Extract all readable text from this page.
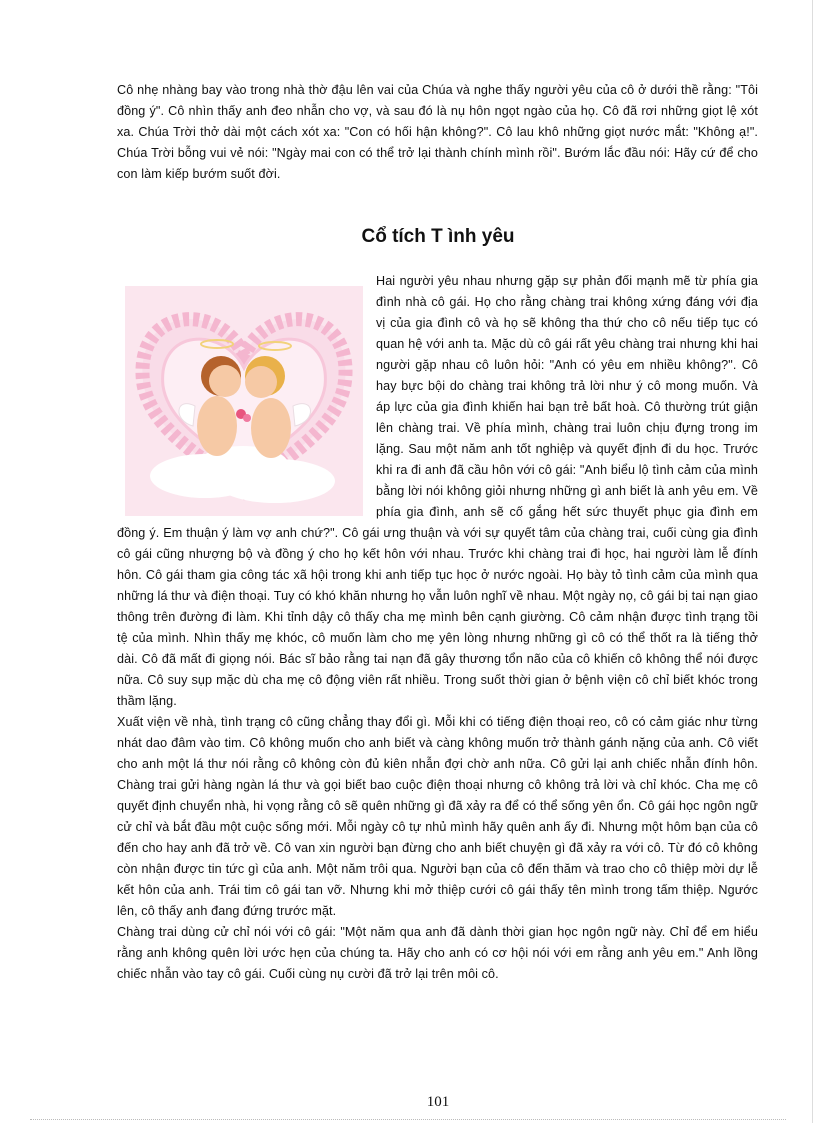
Cô nhẹ nhàng bay vào trong nhà thờ đậu lên vai của Chúa và nghe thấy người yêu của cô ở dưới thề rằng: "Tôi đồng ý". Cô nhìn thấy anh đeo nhẫn cho vợ, và sau đó là nụ hôn ngọt ngào của họ. Cô đã rơi những giọt lệ xót xa. Chúa Trời thở dài một cách xót xa: "Con có hối hận không?". Cô lau khô những giọt nước mắt: "Không ạ!". Chúa Trời bỗng vui vẻ nói: "Ngày mai con có thể trở lại thành chính mình rồi". Bướm lắc đầu nói: Hãy cứ để cho con làm kiếp bướm suốt đời.
Cổ tích T ình yêu

Hai người yêu nhau nhưng gặp sự phản đối mạnh mẽ từ phía gia đình nhà cô gái. Họ cho rằng chàng trai không xứng đáng với địa vị của gia đình cô và họ sẽ không tha thứ cho cô nếu tiếp tục có quan hệ với anh ta. Mặc dù cô gái rất yêu chàng trai nhưng khi hai người gặp nhau cô luôn hỏi: "Anh có yêu em nhiều không?". Cô hay bực bội do chàng trai không trả lời như ý cô mong muốn. Và áp lực của gia đình khiến hai bạn trẻ bất hoà. Cô thường trút giận lên chàng trai. Về phía mình, chàng trai luôn chịu đựng trong im lặng. Sau một năm anh tốt nghiệp và quyết định đi du học. Trước khi ra đi anh đã cầu hôn với cô gái: "Anh biểu lộ tình cảm của mình bằng lời nói không giỏi nhưng những gì anh biết là anh yêu em. Về phía gia đình, anh sẽ cố gắng hết sức thuyết phục gia đình em đồng ý. Em thuận ý làm vợ anh chứ?". Cô gái ưng thuận và với sự quyết tâm của chàng trai, cuối cùng gia đình cô gái cũng nhượng bộ và đồng ý cho họ kết hôn với nhau. Trước khi chàng trai đi học, hai người làm lễ đính hôn. Cô gái tham gia công tác xã hội trong khi anh tiếp tục học ở nước ngoài. Họ bày tỏ tình cảm của mình qua những lá thư và điện thoại. Tuy có khó khăn nhưng họ vẫn luôn nghĩ về nhau. Một ngày nọ, cô gái bị tai nạn giao thông trên đường đi làm. Khi tỉnh dậy cô thấy cha mẹ mình bên cạnh giường. Cô cảm nhận được tình trạng tồi tệ của mình. Nhìn thấy mẹ khóc, cô muốn làm cho mẹ yên lòng nhưng những gì cô có thể thốt ra là tiếng thở dài. Cô đã mất đi giọng nói. Bác sĩ bảo rằng tai nạn đã gây thương tổn não của cô khiến cô không thể nói được nữa. Cô suy sụp mặc dù cha mẹ cô động viên rất nhiều. Trong suốt thời gian ở bệnh viện cô chỉ biết khóc trong thầm lặng.

Xuất viện về nhà, tình trạng cô cũng chẳng thay đổi gì. Mỗi khi có tiếng điện thoại reo, cô có cảm giác như từng nhát dao đâm vào tim. Cô không muốn cho anh biết và càng không muốn trở thành gánh nặng của anh. Cô viết cho anh một lá thư nói rằng cô không còn đủ kiên nhẫn đợi chờ anh nữa. Cô gửi lại anh chiếc nhẫn đính hôn. Chàng trai gửi hàng ngàn lá thư và gọi biết bao cuộc điện thoại nhưng cô không trả lời và chỉ khóc. Cha mẹ cô quyết định chuyển nhà, hi vọng rằng cô sẽ quên những gì đã xảy ra để có thể sống yên ổn. Cô gái học ngôn ngữ cử chỉ và bắt đầu một cuộc sống mới. Mỗi ngày cô tự nhủ mình hãy quên anh ấy đi. Nhưng một hôm bạn của cô đến cho hay anh đã trở về. Cô van xin người bạn đừng cho anh biết chuyện gì đã xảy ra với cô. Từ đó cô không còn nhận được tin tức gì của anh. Một năm trôi qua. Người bạn của cô đến thăm và trao cho cô thiệp mời dự lễ kết hôn của anh. Trái tim cô gái tan vỡ. Nhưng khi mở thiệp cưới cô gái thấy tên mình trong tấm thiệp. Ngước lên, cô thấy anh đang đứng trước mặt.

Chàng trai dùng cử chỉ nói với cô gái: "Một năm qua anh đã dành thời gian học ngôn ngữ này. Chỉ để em hiểu rằng anh không quên lời ước hẹn của chúng ta. Hãy cho anh có cơ hội nói với em rằng anh yêu em." Anh lồng chiếc nhẫn vào tay cô gái. Cuối cùng nụ cười đã trở lại trên môi cô.

101
